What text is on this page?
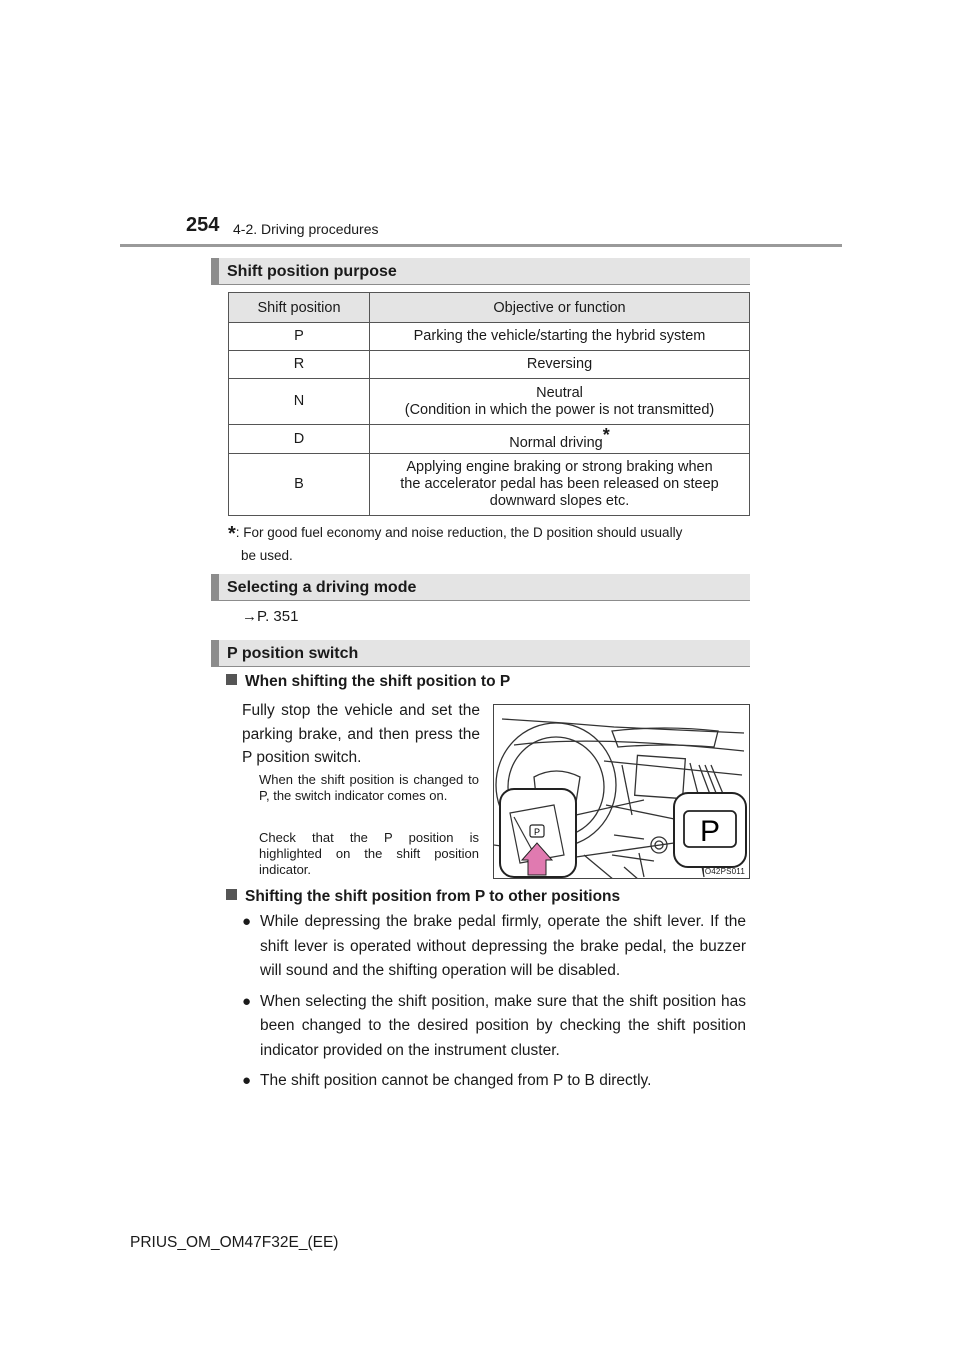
254 4-2. Driving procedures
Shift position purpose
Shift position	Objective or function
P	Parking the vehicle/starting the hybrid system
R	Reversing
N	Neutral
(Condition in which the power is not transmitted)

D	Normal driving*
B	Applying engine braking or strong braking when
the accelerator pedal has been released on steep
downward slopes etc.
*: For good fuel economy and noise reduction, the D position should usually
be used.
Selecting a driving mode
→P. 351
P position switch
When shifting the shift position to P
Fully stop the vehicle and set the parking brake, and then press the P position switch.
When the shift position is changed to P, the switch indicator comes on.
Check that the P position is highlighted on the shift position indicator.
P	P
IO42PS011
Shifting the shift position from P to other positions
● While depressing the brake pedal firmly, operate the shift lever. If the shift lever is operated without depressing the brake pedal, the buzzer will sound and the shifting operation will be disabled.
● When selecting the shift position, make sure that the shift position has been changed to the desired position by checking the shift position indicator provided on the instrument cluster.
● The shift position cannot be changed from P to B directly.
PRIUS_OM_OM47F32E_(EE)
